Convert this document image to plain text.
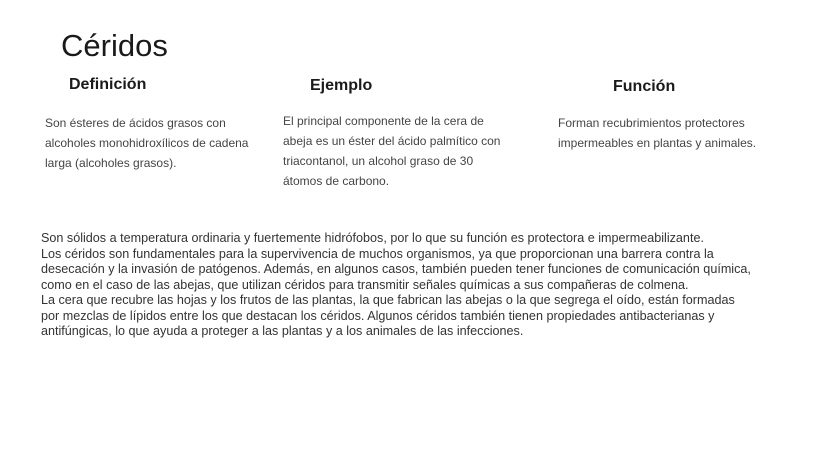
Céridos
Definición	Ejemplo	Función

Son ésteres de ácidos grasos con alcoholes monohidroxílicos de cadena larga (alcoholes grasos).

El principal componente de la cera de abeja es un éster del ácido palmítico con triacontanol, un alcohol graso de 30 átomos de carbono.

Forman recubrimientos protectores impermeables en plantas y animales.

Son sólidos a temperatura ordinaria y fuertemente hidrófobos, por lo que su función es protectora e impermeabilizante.

Los céridos son fundamentales para la supervivencia de muchos organismos, ya que proporcionan una barrera contra la desecación y la invasión de patógenos. Además, en algunos casos, también pueden tener funciones de comunicación química, como en el caso de las abejas, que utilizan céridos para transmitir señales químicas a sus compañeras de colmena.

La cera que recubre las hojas y los frutos de las plantas, la que fabrican las abejas o la que segrega el oído, están formadas por mezclas de lípidos entre los que destacan los céridos. Algunos céridos también tienen propiedades antibacterianas y antifúngicas, lo que ayuda a proteger a las plantas y a los animales de las infecciones.
